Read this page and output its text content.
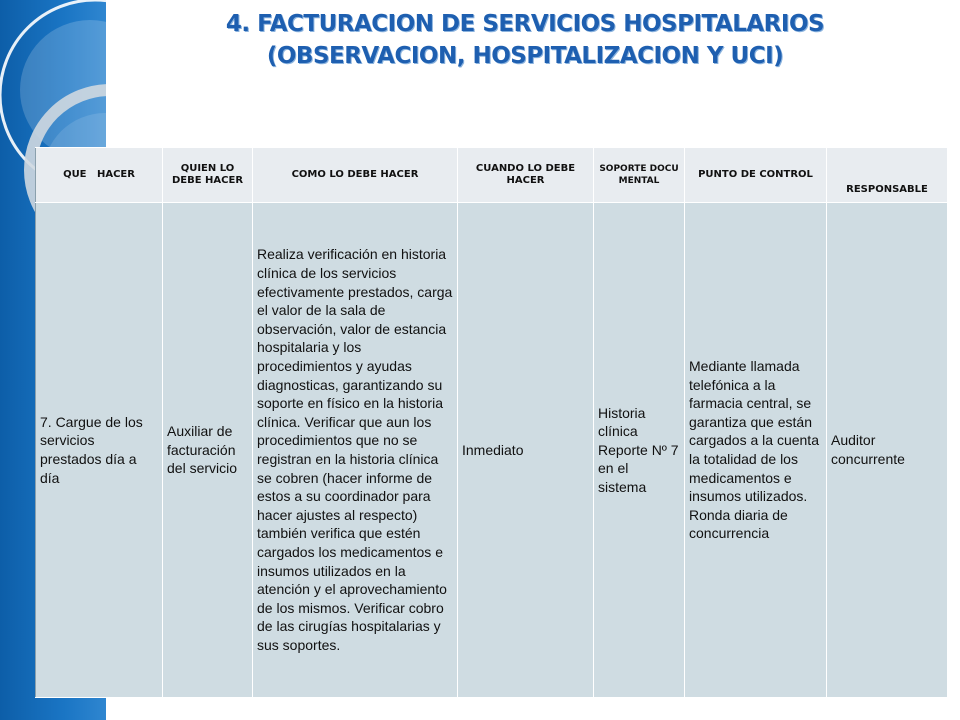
4. FACTURACION DE SERVICIOS HOSPITALARIOS
(OBSERVACION, HOSPITALIZACION Y UCI)
QUE   HACER	QUIEN LO DEBE HACER	COMO LO DEBE HACER	CUANDO LO DEBE HACER	SOPORTE DOCUMENTAL	PUNTO DE CONTROL	RESPONSABLE
7. Cargue de los servicios prestados día a día	Auxiliar de facturación del servicio	Realiza verificación en historia clínica de los servicios efectivamente prestados, carga el valor de la sala de observación, valor de estancia hospitalaria y los procedimientos y ayudas diagnosticas, garantizando su soporte en físico en la historia clínica. Verificar que aun los procedimientos que no se registran en la historia clínica se cobren (hacer informe de estos a su coordinador para hacer ajustes al respecto) también verifica que estén cargados los medicamentos e insumos utilizados en la atención y el aprovechamiento de los mismos. Verificar cobro de las cirugías hospitalarias y sus soportes.	Inmediato	Historia clínica Reporte Nº 7 en el sistema	Mediante llamada telefónica a la farmacia central, se garantiza que están cargados a la cuenta la totalidad de los medicamentos e insumos utilizados. Ronda diaria de concurrencia	Auditor concurrente
